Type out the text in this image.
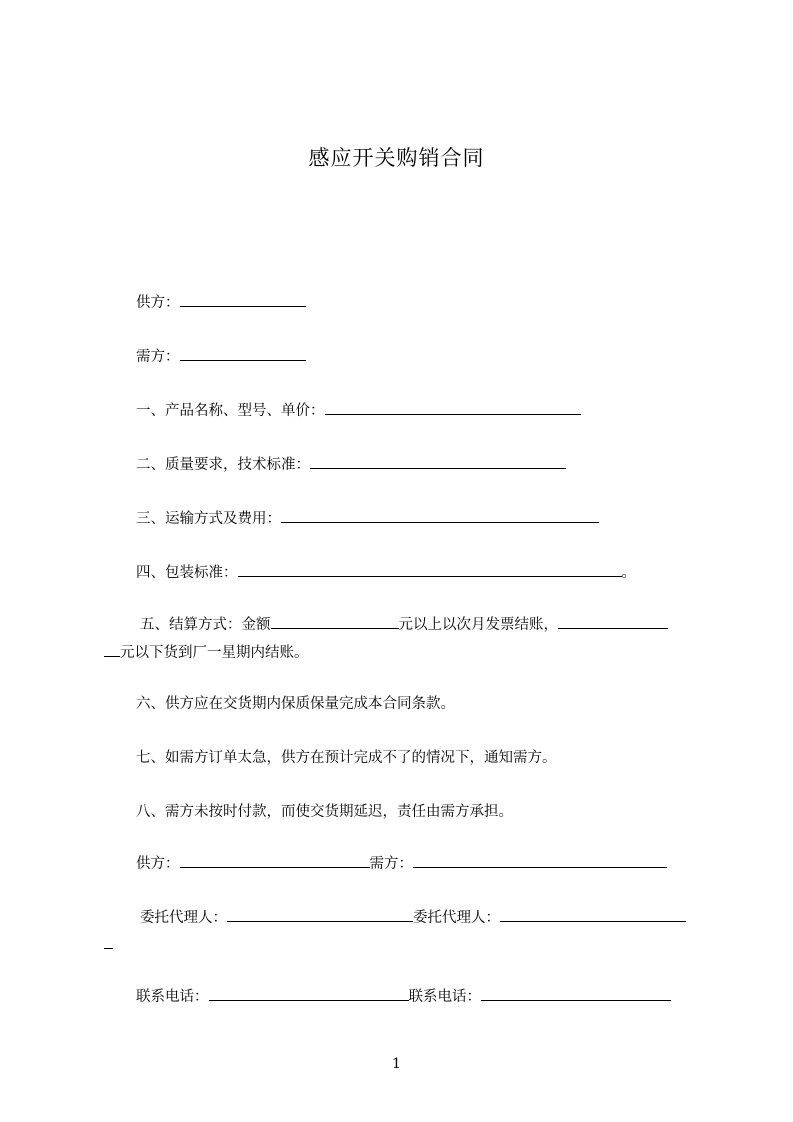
感应开关购销合同
供方：
需方：
一、产品名称、型号、单价：
二、质量要求，技术标准：
三、运输方式及费用：
四、包装标准：	。
五、结算方式：金额	元以上以次月发票结账，
元以下货到厂一星期内结账。
六、供方应在交货期内保质保量完成本合同条款。
七、如需方订单太急，供方在预计完成不了的情况下，通知需方。
八、需方未按时付款，而使交货期延迟，责任由需方承担。
供方：	需方：
委托代理人：	委托代理人：
联系电话：	联系电话：
1
